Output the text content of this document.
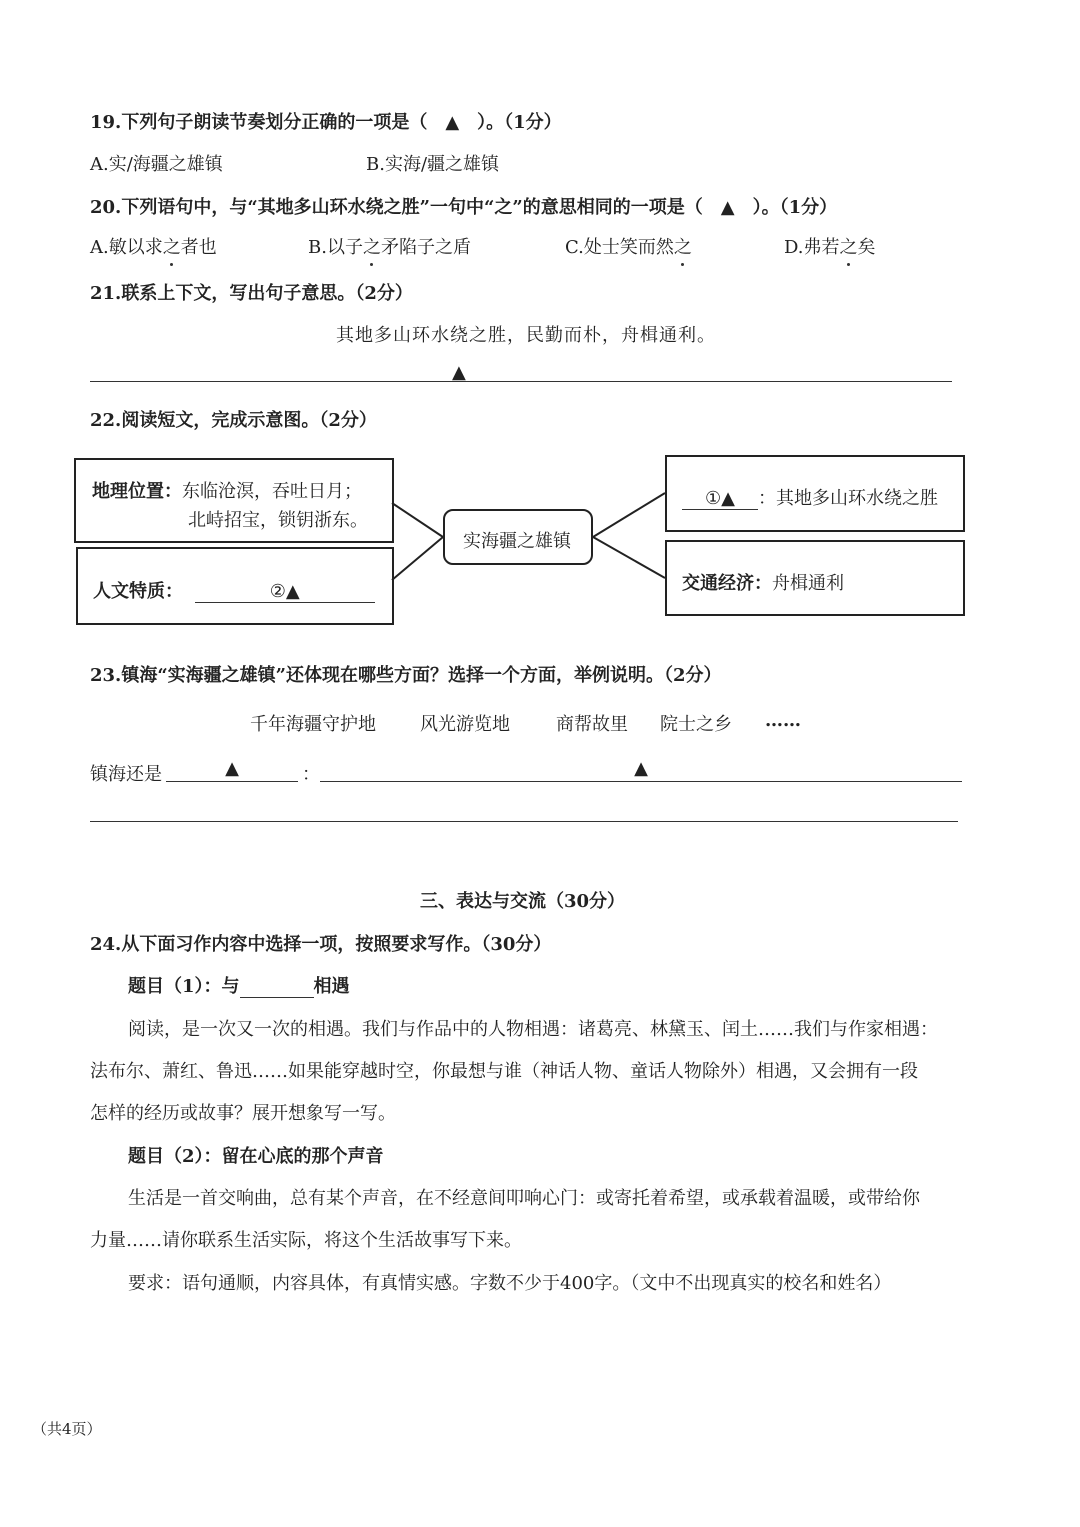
19.下列句子朗读节奏划分正确的一项是（　▲　）。（1分）
A.实/海疆之雄镇	B.实海/疆之雄镇
20.下列语句中，与“其地多山环水绕之胜”一句中“之”的意思相同的一项是（　▲　）。（1分）
A.敏以求之者也	B.以子之矛陷子之盾	C.处士笑而然之	D.弗若之矣
21.联系上下文，写出句子意思。（2分）
其地多山环水绕之胜，民勤而朴，舟楫通利。
▲
22.阅读短文，完成示意图。（2分）
地理位置：东临沧溟，吞吐日月；
北峙招宝，锁钥浙东。
人文特质：	②▲
实海疆之雄镇
①▲ ：其地多山环水绕之胜
交通经济：舟楫通利
23.镇海“实海疆之雄镇”还体现在哪些方面？选择一个方面，举例说明。（2分）
千年海疆守护地 风光游览地	商帮故里 院士之乡 ……
镇海还是	▲	：	▲
三、表达与交流（30分）
24.从下面习作内容中选择一项，按照要求写作。（30分）
题目（1）：与	相遇
阅读，是一次又一次的相遇。我们与作品中的人物相遇：诸葛亮、林黛玉、闰土……我们与作家相遇：
法布尔、萧红、鲁迅……如果能穿越时空，你最想与谁（神话人物、童话人物除外）相遇，又会拥有一段
怎样的经历或故事？展开想象写一写。
题目（2）：留在心底的那个声音
生活是一首交响曲，总有某个声音，在不经意间叩响心门：或寄托着希望，或承载着温暖，或带给你
力量……请你联系生活实际，将这个生活故事写下来。
要求：语句通顺，内容具体，有真情实感。字数不少于400字。（文中不出现真实的校名和姓名）
（共4页）
